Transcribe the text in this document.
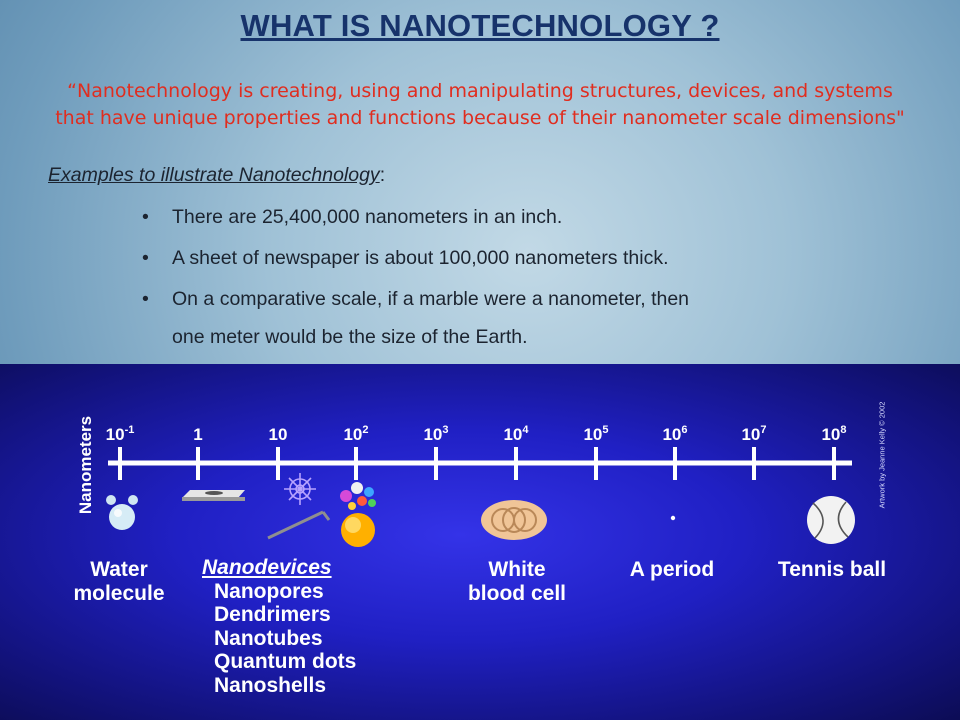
WHAT IS NANOTECHNOLOGY ?
“Nanotechnology is creating, using and manipulating structures, devices, and systems
that have unique properties and functions because of their nanometer scale dimensions"
Examples to illustrate Nanotechnology:
• There are 25,400,000 nanometers in an inch.
• A sheet of newspaper is about 100,000 nanometers thick.
• On a comparative scale, if a marble were a nanometer, then
one meter would be the size of the Earth.
$10^{-1}$	1	10	$10^2$	$10^3$	$10^4$	$10^5$	$10^6$	$10^7$	$10^8$
Nanometers	Artwork by Jeanne Kelly © 2002
Water
molecule
Nanodevices
Nanopores
Dendrimers
Nanotubes
Quantum dots
Nanoshells
White
blood cell
A period	Tennis ball
